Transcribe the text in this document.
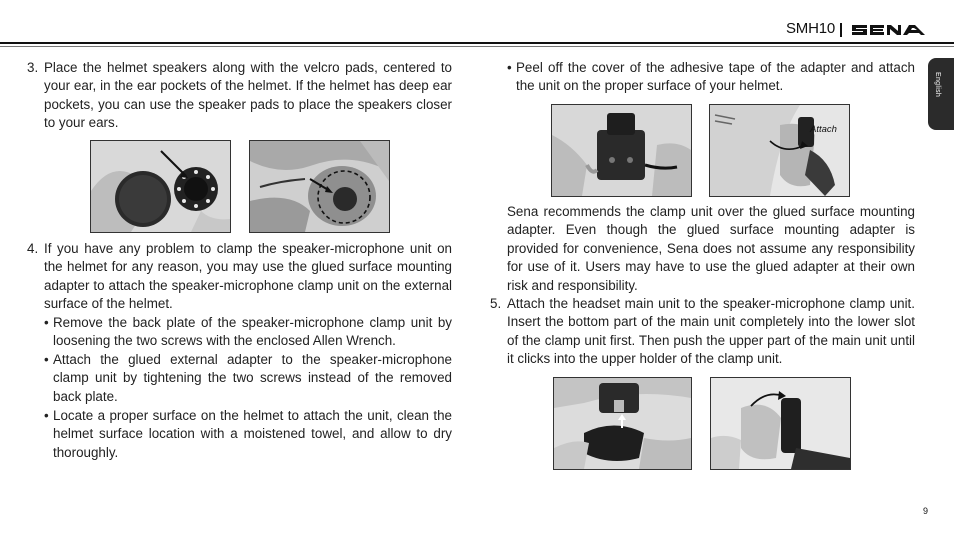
SMH10
English
3. Place the helmet speakers along with the velcro pads, centered to your ear, in the ear pockets of the helmet. If the helmet has deep ear pockets, you can use the speaker pads to place the speakers closer to your ears.
4. If you have any problem to clamp the speaker-microphone unit on the helmet for any reason, you may use the glued surface mounting adapter to attach the speaker-microphone clamp unit on the external surface of the helmet.
• Remove the back plate of the speaker-microphone clamp unit by loosening the two screws with the enclosed Allen Wrench.
• Attach the glued external adapter to the speaker-microphone clamp unit by tightening the two screws instead of the removed back plate.
• Locate a proper surface on the helmet to attach the unit, clean the helmet surface location with a moistened towel, and allow to dry thoroughly.
• Peel off the cover of the adhesive tape of the adapter and attach the unit on the proper surface of your helmet.
Attach
Sena recommends the clamp unit over the glued surface mounting adapter. Even though the glued surface mounting adapter is provided for convenience, Sena does not assume any responsibility for use of it. Users may have to use the glued adapter at their own risk and responsibility.
5. Attach the headset main unit to the speaker-microphone clamp unit. Insert the bottom part of the main unit completely into the lower slot of the clamp unit first. Then push the upper part of the main unit until it clicks into the upper holder of the clamp unit.
9
